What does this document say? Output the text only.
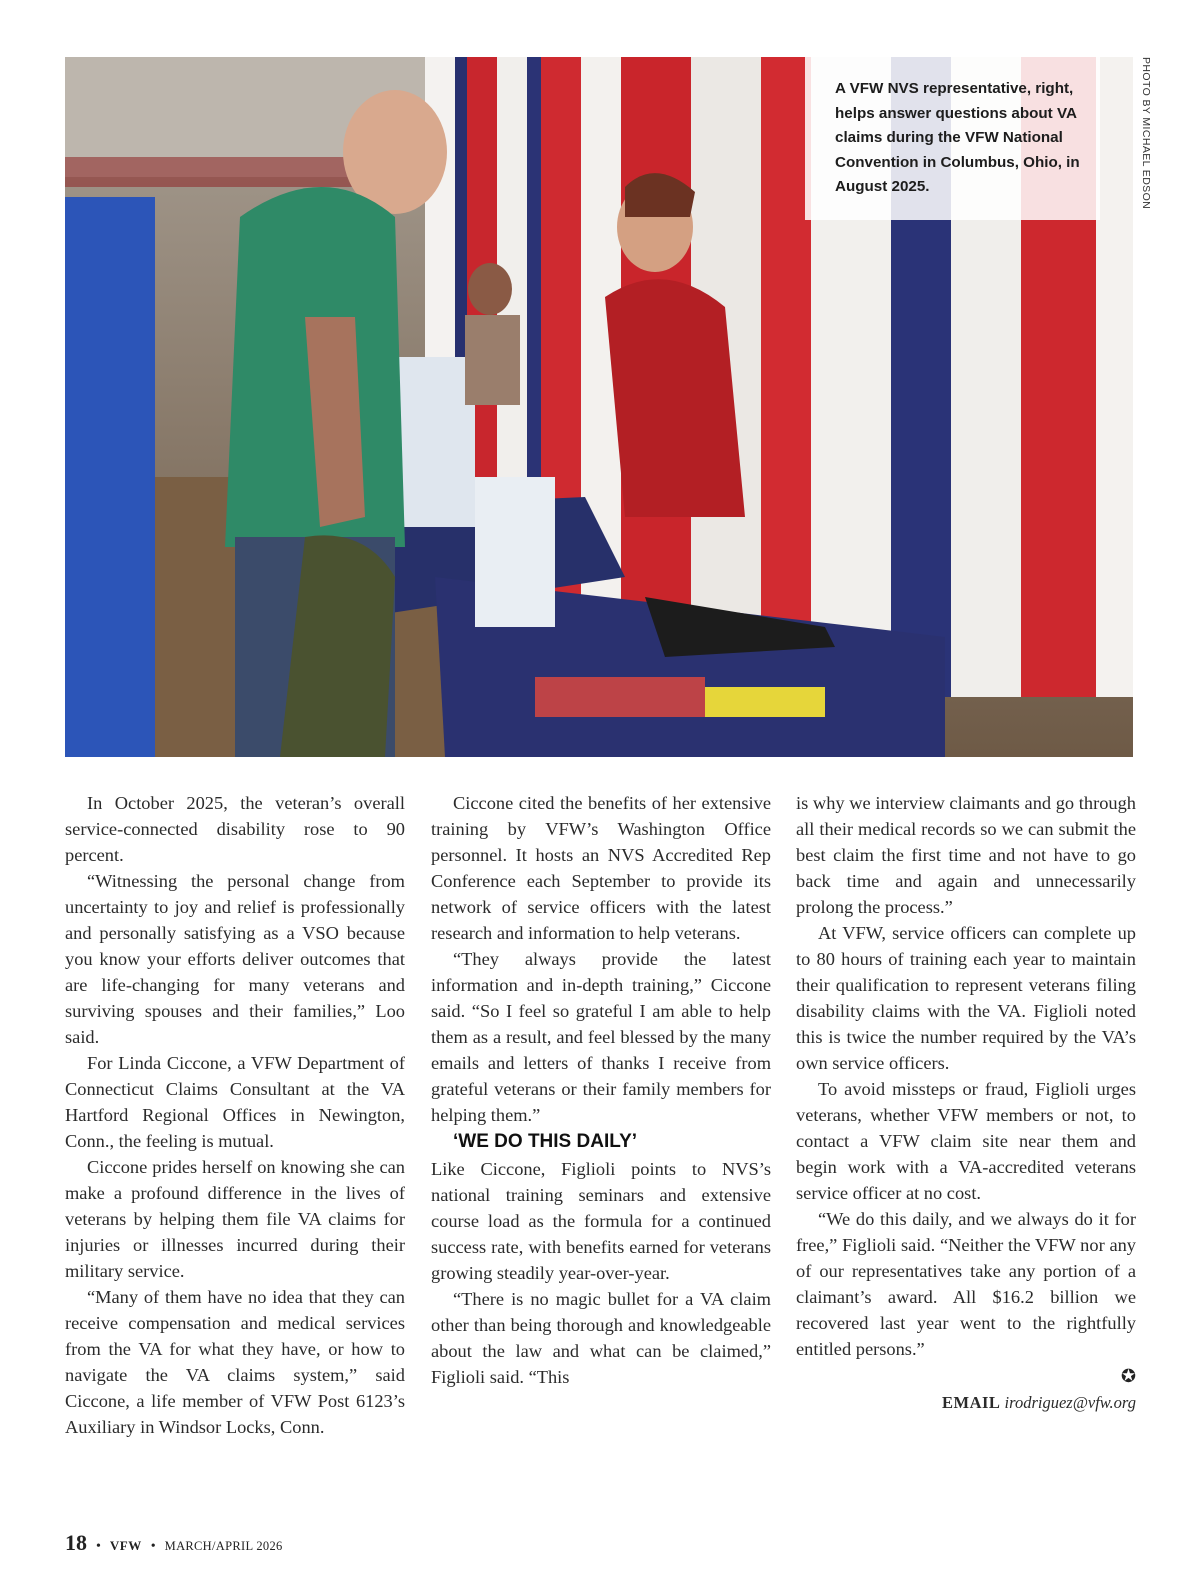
A VFW NVS representative, right, helps answer questions about VA claims during the VFW National Convention in Columbus, Ohio, in August 2025.	PHOTO BY MICHAEL EDSON

In October 2025, the veteran’s overall service-connected disability rose to 90 percent.

“Witnessing the personal change from uncertainty to joy and relief is professionally and personally satisfying as a VSO because you know your efforts deliver outcomes that are life-changing for many veterans and surviving spouses and their families,” Loo said.

For Linda Ciccone, a VFW Department of Connecticut Claims Consultant at the VA Hartford Regional Offices in Newington, Conn., the feeling is mutual.

Ciccone prides herself on knowing she can make a profound difference in the lives of veterans by helping them file VA claims for injuries or illnesses incurred during their military service.

“Many of them have no idea that they can receive compensation and medical services from the VA for what they have, or how to navigate the VA claims system,” said Ciccone, a life member of VFW Post 6123’s Auxiliary in Windsor Locks, Conn.

Ciccone cited the benefits of her extensive training by VFW’s Washington Office personnel. It hosts an NVS Accredited Rep Conference each September to provide its network of service officers with the latest research and information to help veterans.

“They always provide the latest information and in-depth training,” Ciccone said. “So I feel so grateful I am able to help them as a result, and feel blessed by the many emails and letters of thanks I receive from grateful veterans or their family members for helping them.”

‘WE DO THIS DAILY’

Like Ciccone, Figlioli points to NVS’s national training seminars and extensive course load as the formula for a continued success rate, with benefits earned for veterans growing steadily year-over-year.

“There is no magic bullet for a VA claim other than being thorough and knowledgeable about the law and what can be claimed,” Figlioli said. “This

is why we interview claimants and go through all their medical records so we can submit the best claim the first time and not have to go back time and again and unnecessarily prolong the process.”

At VFW, service officers can complete up to 80 hours of training each year to maintain their qualification to represent veterans filing disability claims with the VA. Figlioli noted this is twice the number required by the VA’s own service officers.

To avoid missteps or fraud, Figlioli urges veterans, whether VFW members or not, to contact a VFW claim site near them and begin work with a VA-accredited veterans service officer at no cost.

“We do this daily, and we always do it for free,” Figlioli said. “Neither the VFW nor any of our representatives take any portion of a claimant’s award. All $16.2 billion we recovered last year went to the rightfully entitled persons.”

✪
EMAIL irodriguez@vfw.org
18 • VFW • MARCH/APRIL 2026
